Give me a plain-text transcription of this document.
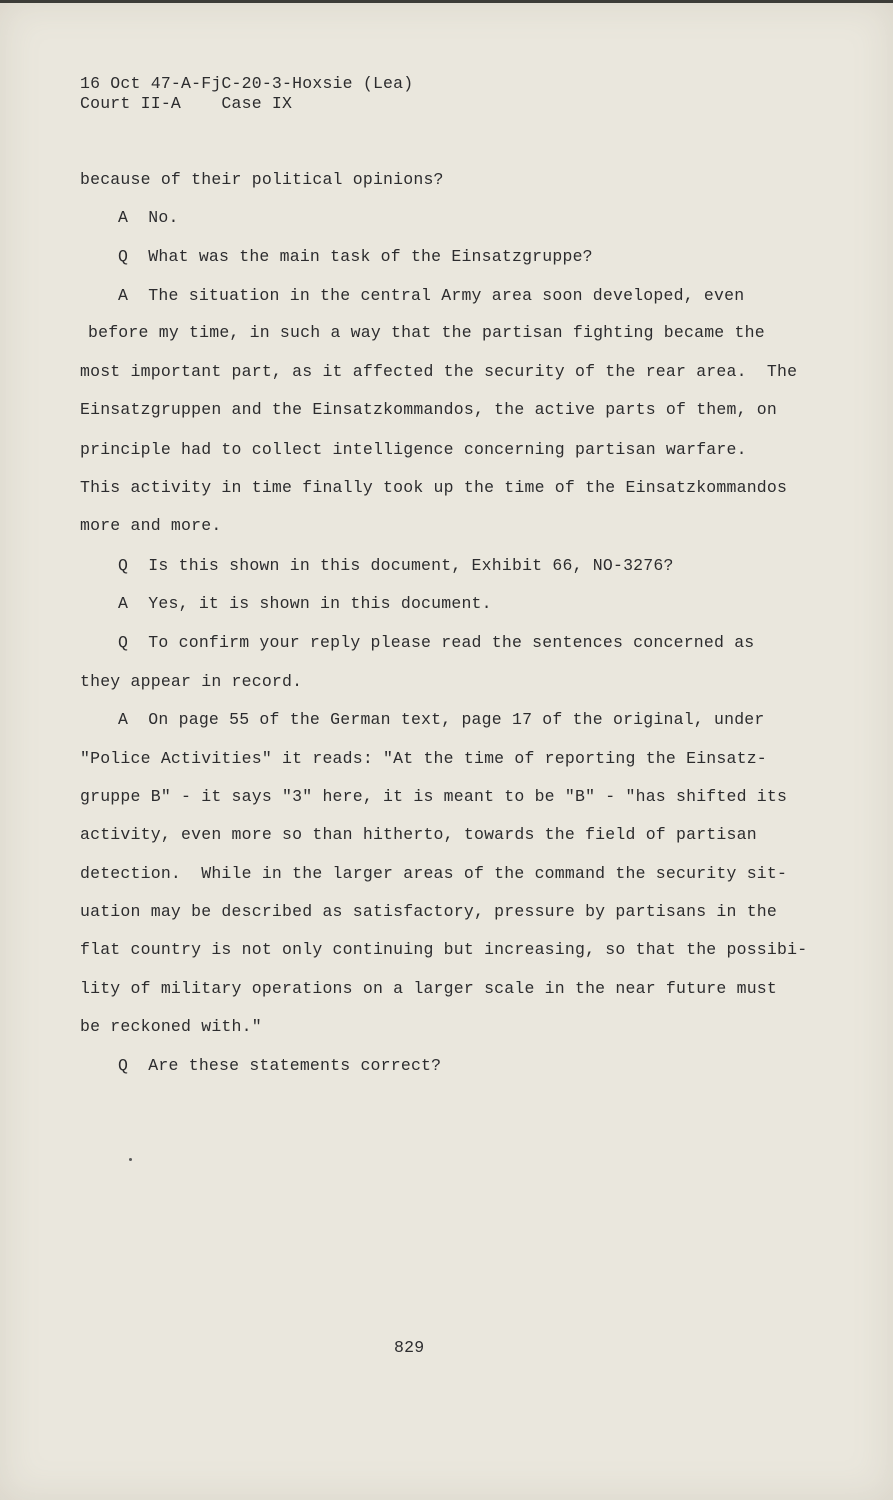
16 Oct 47-A-FjC-20-3-Hoxsie (Lea)
Court II-A    Case IX
because of their political opinions?
A  No.
Q  What was the main task of the Einsatzgruppe?
A  The situation in the central Army area soon developed, even
before my time, in such a way that the partisan fighting became the
most important part, as it affected the security of the rear area.  The
Einsatzgruppen and the Einsatzkommandos, the active parts of them, on
principle had to collect intelligence concerning partisan warfare.
This activity in time finally took up the time of the Einsatzkommandos
more and more.
Q  Is this shown in this document, Exhibit 66, NO-3276?
A  Yes, it is shown in this document.
Q  To confirm your reply please read the sentences concerned as
they appear in record.
A  On page 55 of the German text, page 17 of the original, under
"Police Activities" it reads: "At the time of reporting the Einsatz-
gruppe B" - it says "3" here, it is meant to be "B" - "has shifted its
activity, even more so than hitherto, towards the field of partisan
detection.  While in the larger areas of the command the security sit-
uation may be described as satisfactory, pressure by partisans in the
flat country is not only continuing but increasing, so that the possibi-
lity of military operations on a larger scale in the near future must
be reckoned with."
Q  Are these statements correct?
829
